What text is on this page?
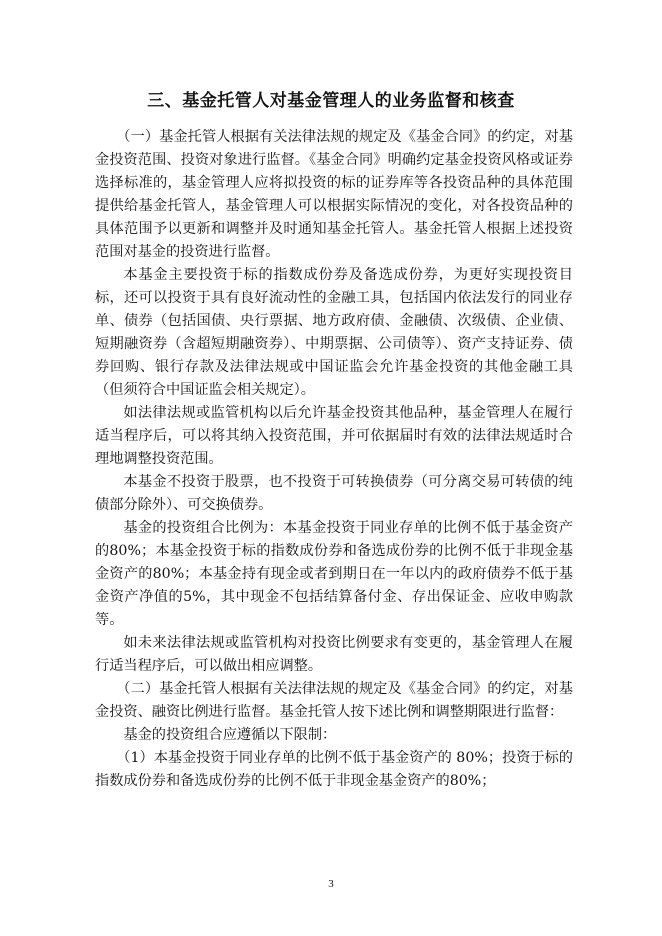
三、基金托管人对基金管理人的业务监督和核查

（一）基金托管人根据有关法律法规的规定及《基金合同》的约定，对基金投资范围、投资对象进行监督。《基金合同》明确约定基金投资风格或证券选择标准的，基金管理人应将拟投资的标的证券库等各投资品种的具体范围提供给基金托管人，基金管理人可以根据实际情况的变化，对各投资品种的具体范围予以更新和调整并及时通知基金托管人。基金托管人根据上述投资范围对基金的投资进行监督。

本基金主要投资于标的指数成份券及备选成份券，为更好实现投资目标，还可以投资于具有良好流动性的金融工具，包括国内依法发行的同业存单、债券（包括国债、央行票据、地方政府债、金融债、次级债、企业债、短期融资券（含超短期融资券）、中期票据、公司债等）、资产支持证券、债券回购、银行存款及法律法规或中国证监会允许基金投资的其他金融工具（但须符合中国证监会相关规定）。

如法律法规或监管机构以后允许基金投资其他品种，基金管理人在履行适当程序后，可以将其纳入投资范围，并可依据届时有效的法律法规适时合理地调整投资范围。

本基金不投资于股票，也不投资于可转换债券（可分离交易可转债的纯债部分除外）、可交换债券。

基金的投资组合比例为：本基金投资于同业存单的比例不低于基金资产的80%；本基金投资于标的指数成份券和备选成份券的比例不低于非现金基金资产的80%；本基金持有现金或者到期日在一年以内的政府债券不低于基金资产净值的5%，其中现金不包括结算备付金、存出保证金、应收申购款等。

如未来法律法规或监管机构对投资比例要求有变更的，基金管理人在履行适当程序后，可以做出相应调整。

（二）基金托管人根据有关法律法规的规定及《基金合同》的约定，对基金投资、融资比例进行监督。基金托管人按下述比例和调整期限进行监督：

基金的投资组合应遵循以下限制：

（1）本基金投资于同业存单的比例不低于基金资产的 80%；投资于标的指数成份券和备选成份券的比例不低于非现金基金资产的80%；

3
